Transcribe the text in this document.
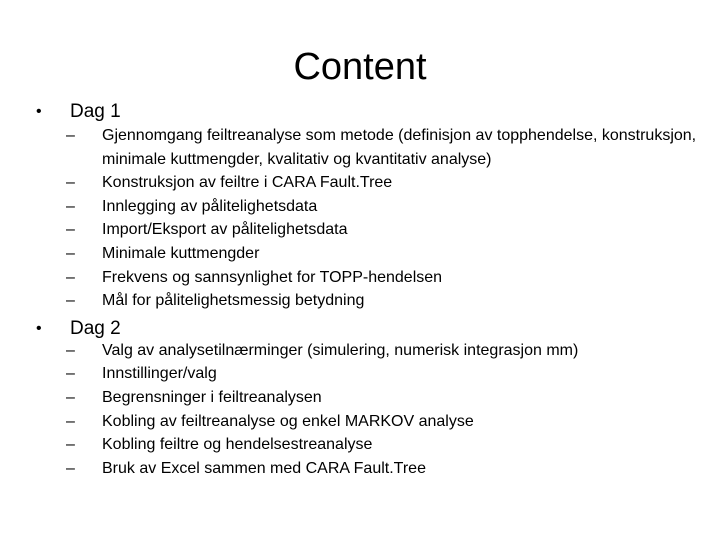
Content
• Dag 1
– Gjennomgang feiltreanalyse som metode (definisjon av topphendelse, konstruksjon, minimale kuttmengder, kvalitativ og kvantitativ analyse)
– Konstruksjon av feiltre i CARA Fault.Tree
– Innlegging av pålitelighetsdata
– Import/Eksport av pålitelighetsdata
– Minimale kuttmengder
– Frekvens og sannsynlighet for TOPP-hendelsen
– Mål for pålitelighetsmessig betydning
• Dag 2
– Valg av analysetilnærminger (simulering, numerisk integrasjon mm)
– Innstillinger/valg
– Begrensninger i feiltreanalysen
– Kobling av feiltreanalyse og enkel MARKOV analyse
– Kobling feiltre og hendelsestreanalyse
– Bruk av Excel sammen med CARA Fault.Tree
